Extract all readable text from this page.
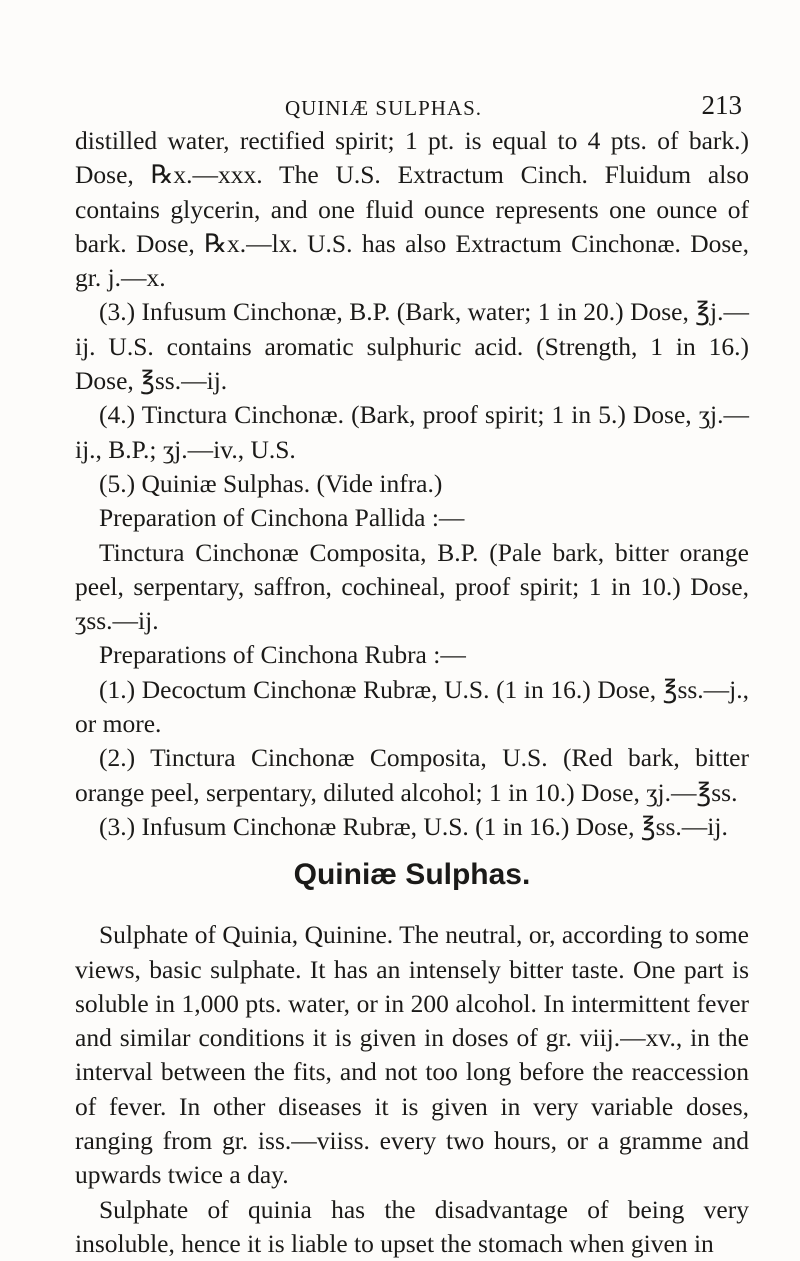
QUINIÆ SULPHAS.	213

distilled water, rectified spirit; 1 pt. is equal to 4 pts. of bark.) Dose, ℞x.—xxx. The U.S. Extractum Cinch. Fluidum also contains glycerin, and one fluid ounce represents one ounce of bark. Dose, ℞x.—lx. U.S. has also Extractum Cinchonæ. Dose, gr. j.—x.

(3.) Infusum Cinchonæ, B.P. (Bark, water; 1 in 20.) Dose, ℥j.—ij. U.S. contains aromatic sulphuric acid. (Strength, 1 in 16.) Dose, ℥ss.—ij.

(4.) Tinctura Cinchonæ. (Bark, proof spirit; 1 in 5.) Dose, ʒj.—ij., B.P.; ʒj.—iv., U.S.

(5.) Quiniæ Sulphas. (Vide infra.)

Preparation of Cinchona Pallida :—

Tinctura Cinchonæ Composita, B.P. (Pale bark, bitter orange peel, serpentary, saffron, cochineal, proof spirit; 1 in 10.) Dose, ʒss.—ij.

Preparations of Cinchona Rubra :—

(1.) Decoctum Cinchonæ Rubræ, U.S. (1 in 16.) Dose, ℥ss.—j., or more.

(2.) Tinctura Cinchonæ Composita, U.S. (Red bark, bitter orange peel, serpentary, diluted alcohol; 1 in 10.) Dose, ʒj.—℥ss.

(3.) Infusum Cinchonæ Rubræ, U.S. (1 in 16.) Dose, ℥ss.—ij.

Quiniæ Sulphas.

Sulphate of Quinia, Quinine. The neutral, or, according to some views, basic sulphate. It has an intensely bitter taste. One part is soluble in 1,000 pts. water, or in 200 alcohol. In intermittent fever and similar conditions it is given in doses of gr. viij.—xv., in the interval between the fits, and not too long before the reaccession of fever. In other diseases it is given in very variable doses, ranging from gr. iss.—viiss. every two hours, or a gramme and upwards twice a day.

Sulphate of quinia has the disadvantage of being very insoluble, hence it is liable to upset the stomach when given in
